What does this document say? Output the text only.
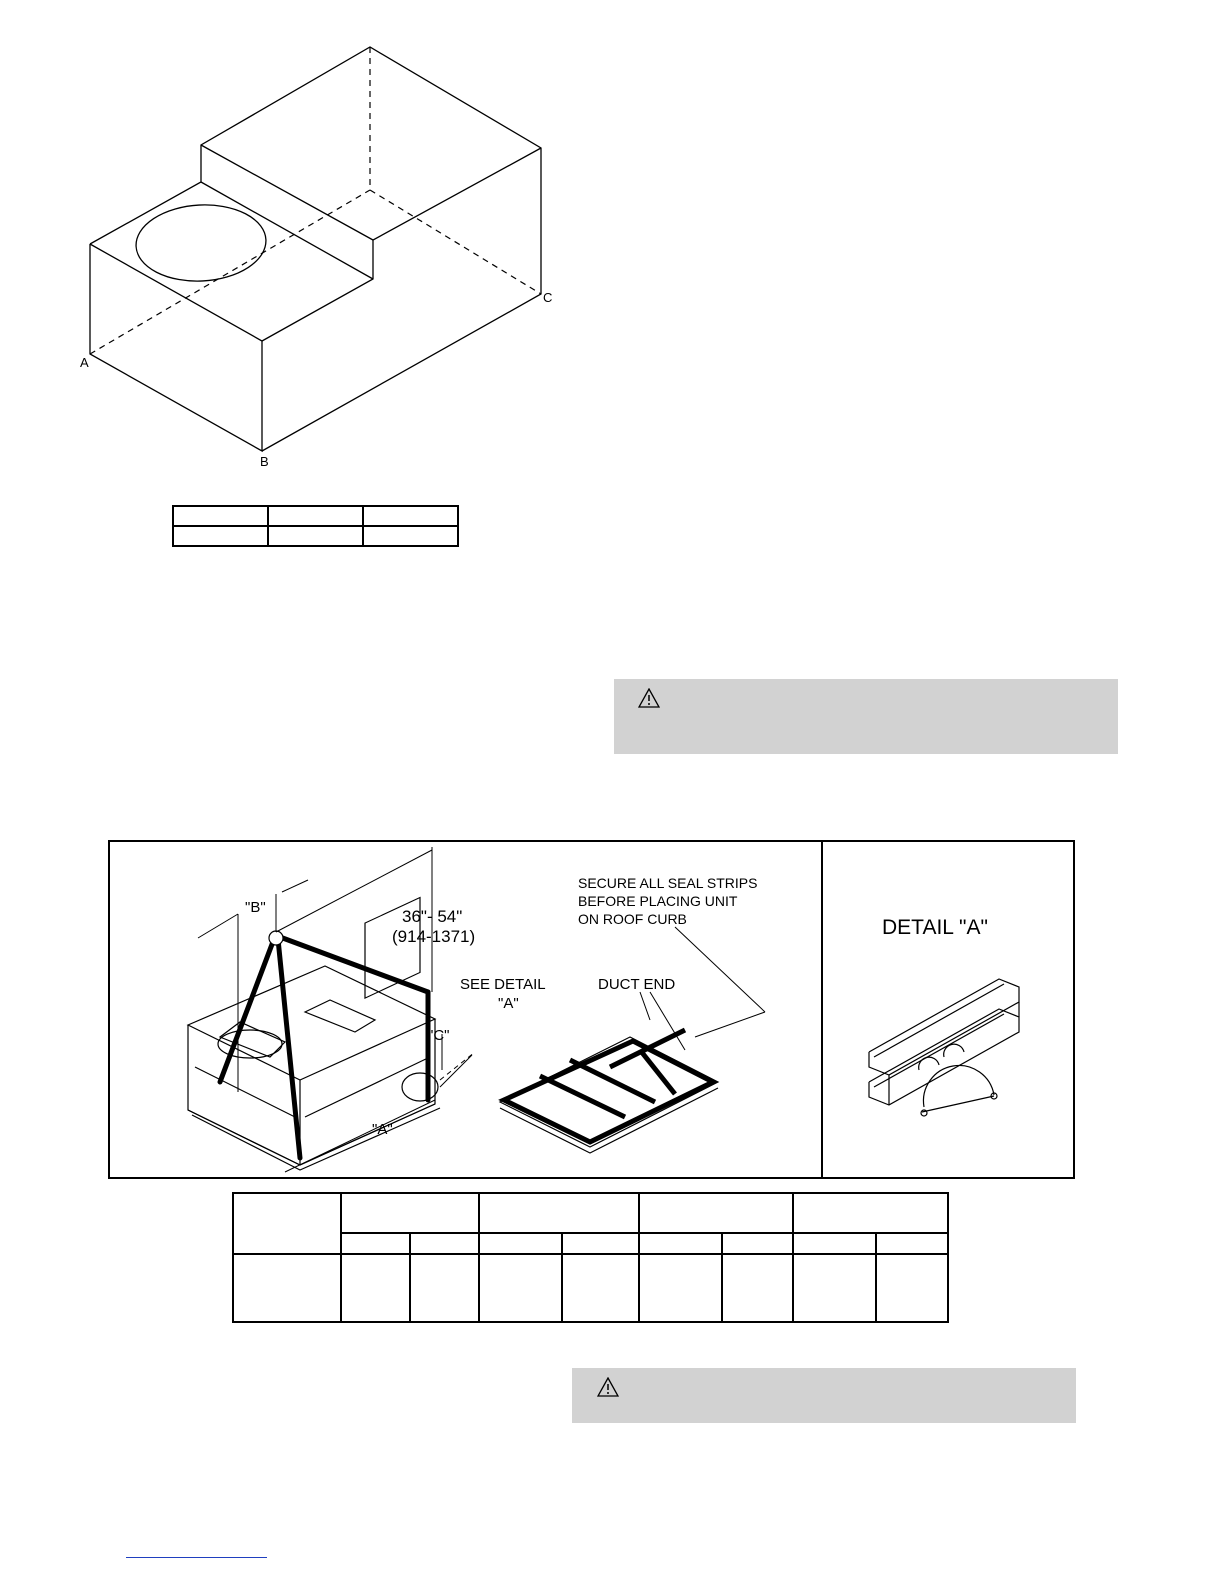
A
B
C

"B"	36"- 54"
(914-1371)
"C"
"A"
SEE DETAIL
"A"
DUCT END
SECURE ALL SEAL STRIPS
BEFORE PLACING UNIT
ON ROOF CURB	DETAIL "A"
